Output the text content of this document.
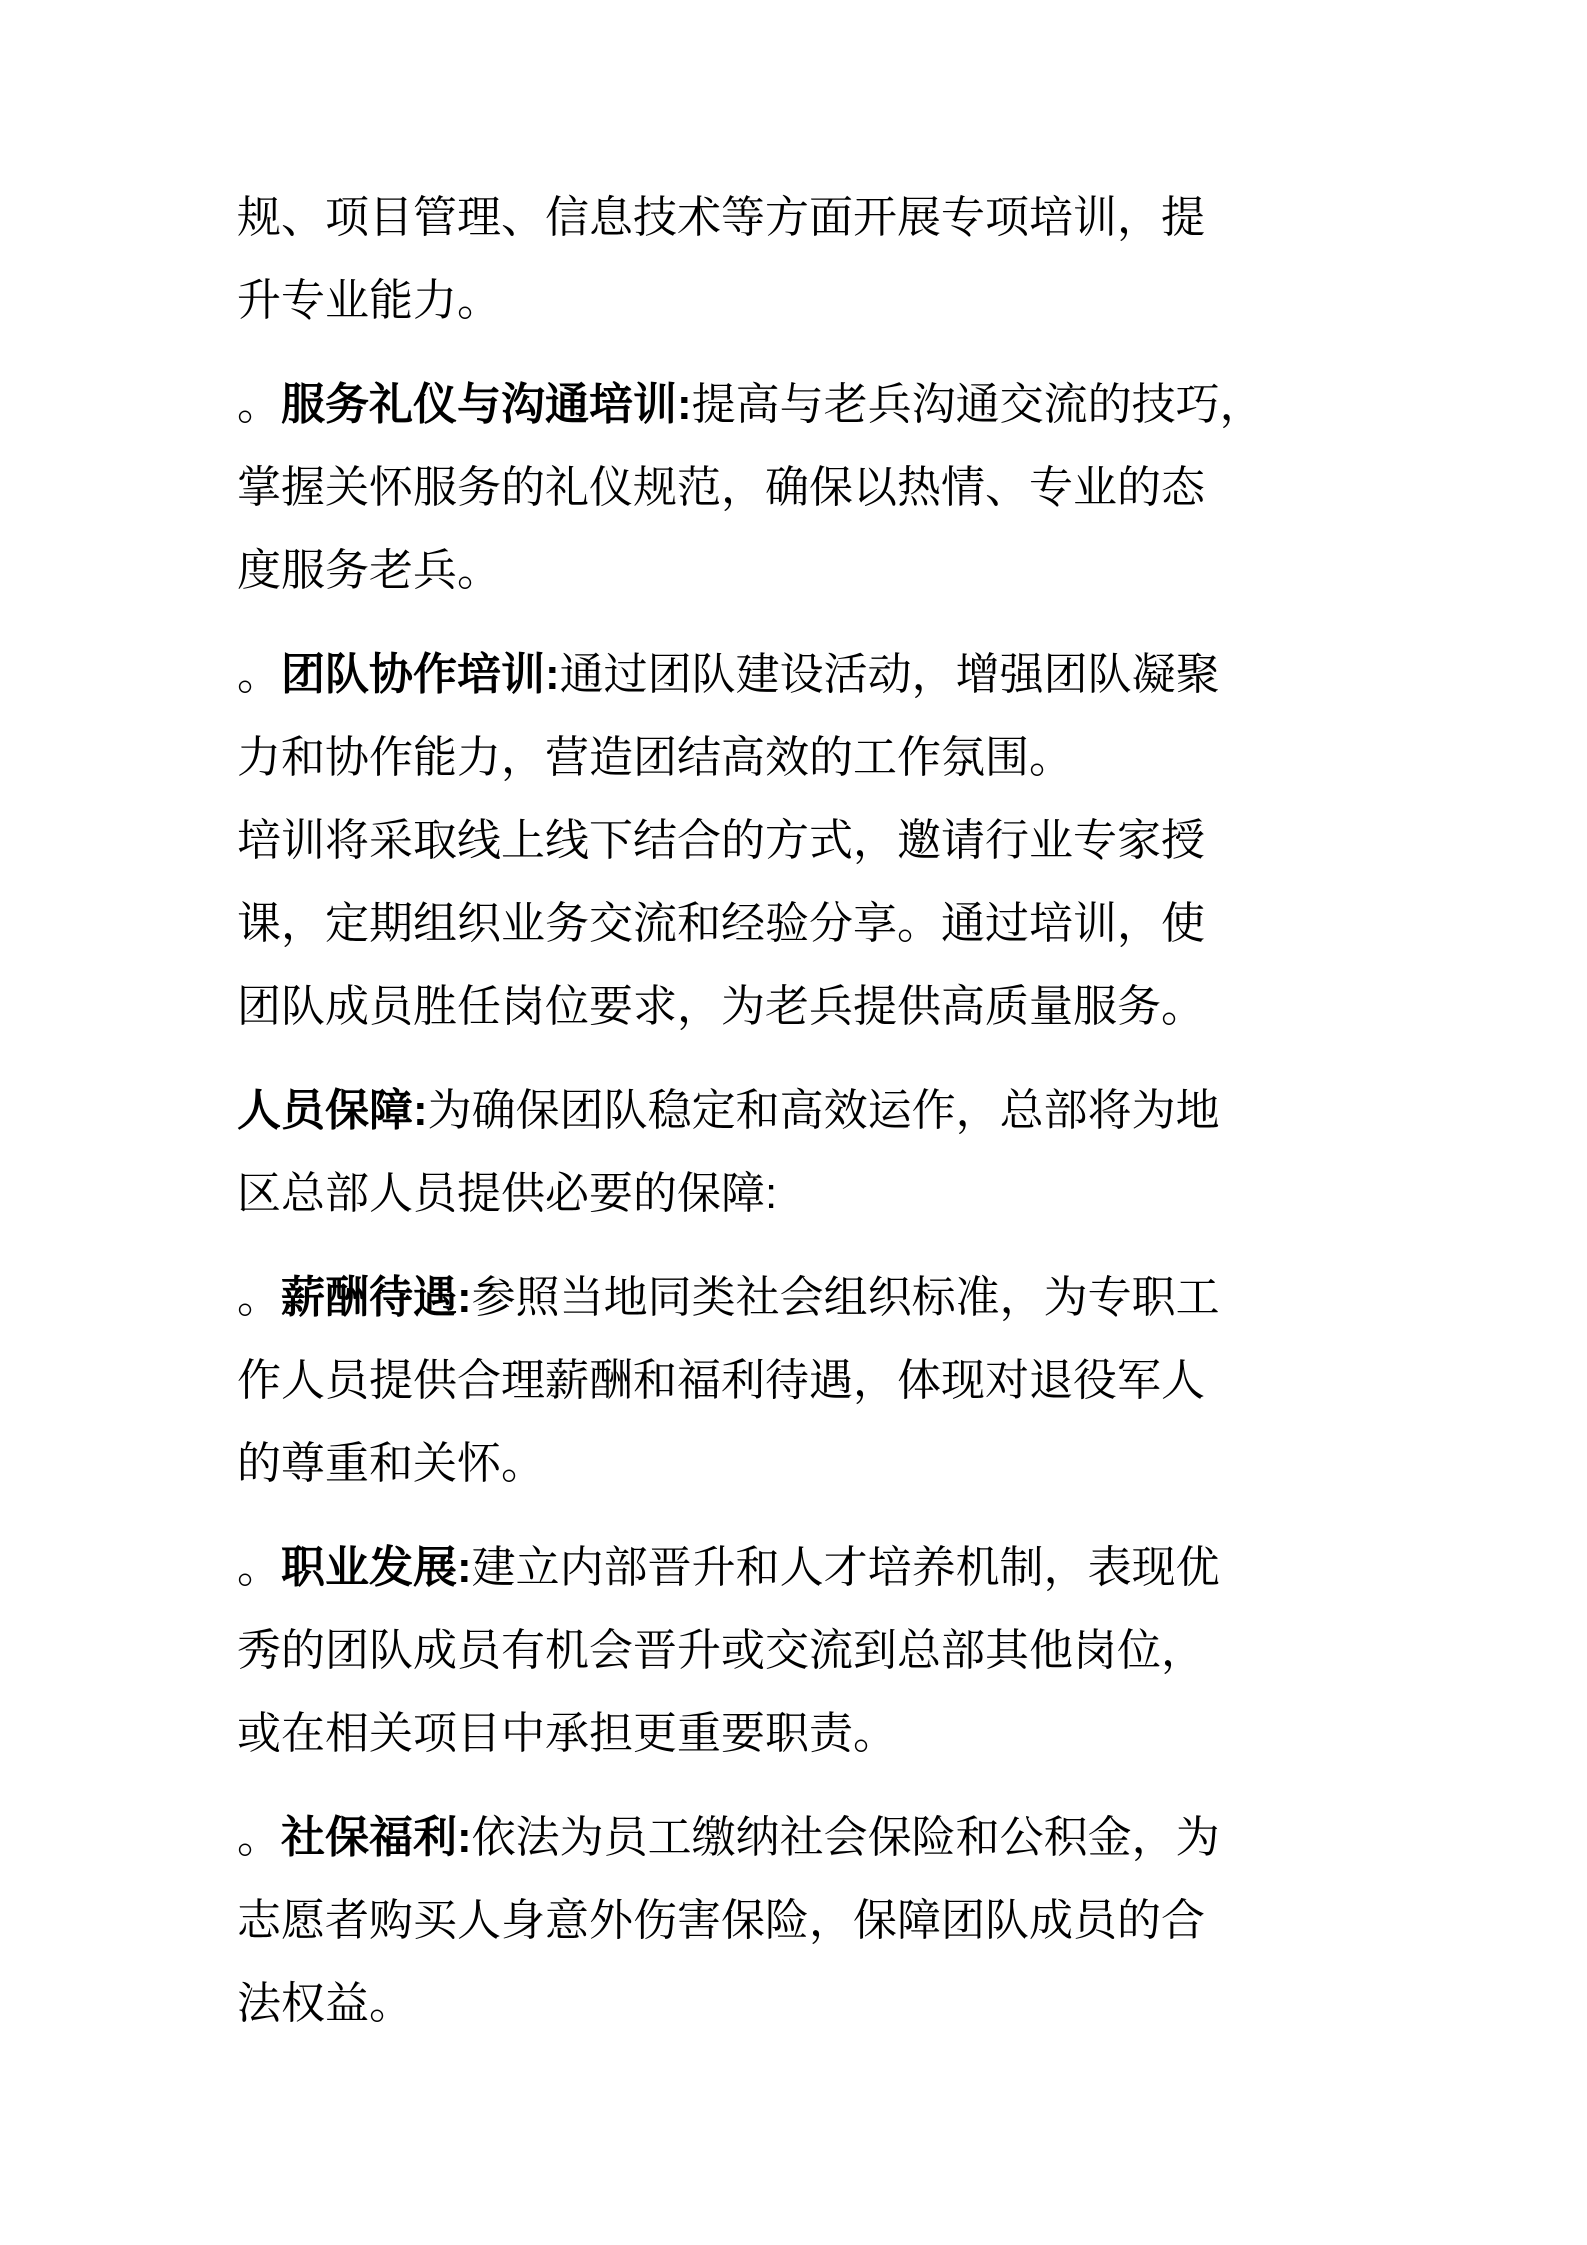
规、项目管理、信息技术等方面开展专项培训，提
升专业能力。
。服务礼仪与沟通培训:提高与老兵沟通交流的技巧，
掌握关怀服务的礼仪规范，确保以热情、专业的态
度服务老兵。
。团队协作培训:通过团队建设活动，增强团队凝聚
力和协作能力，营造团结高效的工作氛围。
培训将采取线上线下结合的方式，邀请行业专家授
课，定期组织业务交流和经验分享。通过培训，使
团队成员胜任岗位要求，为老兵提供高质量服务。
人员保障:为确保团队稳定和高效运作，总部将为地
区总部人员提供必要的保障:
。薪酬待遇:参照当地同类社会组织标准，为专职工
作人员提供合理薪酬和福利待遇，体现对退役军人
的尊重和关怀。
。职业发展:建立内部晋升和人才培养机制，表现优
秀的团队成员有机会晋升或交流到总部其他岗位，
或在相关项目中承担更重要职责。
。社保福利:依法为员工缴纳社会保险和公积金，为
志愿者购买人身意外伤害保险，保障团队成员的合
法权益。
